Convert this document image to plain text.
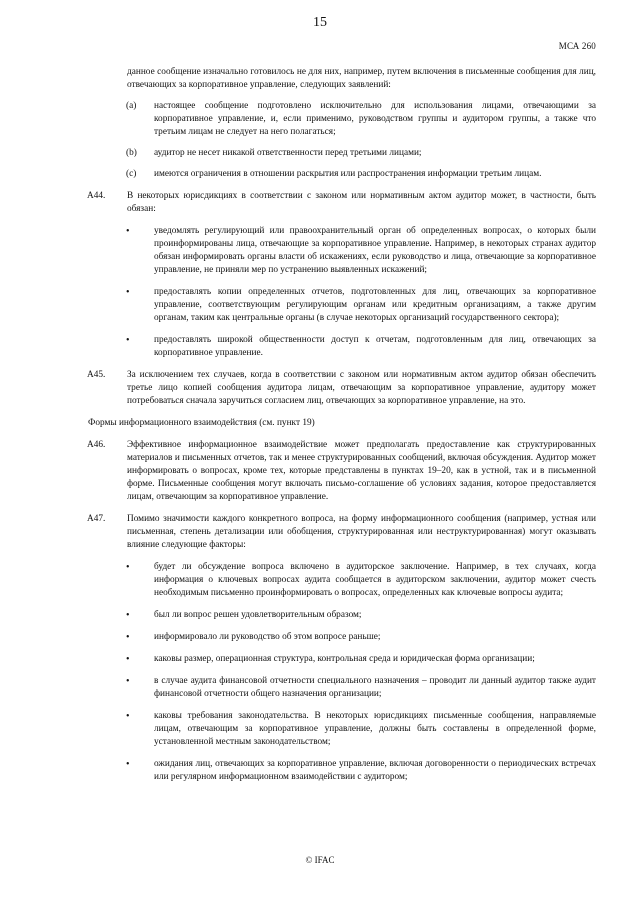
15
МСА 260

данное сообщение изначально готовилось не для них, например, путем включения в письменные сообщения для лиц, отвечающих за корпоративное управление, следующих заявлений:

(a) настоящее сообщение подготовлено исключительно для использования лицами, отвечающими за корпоративное управление, и, если применимо, руководством группы и аудитором группы, а также что третьим лицам не следует на него полагаться;

(b) аудитор не несет никакой ответственности перед третьими лицами;

(c) имеются ограничения в отношении раскрытия или распространения информации третьим лицам.

A44. В некоторых юрисдикциях в соответствии с законом или нормативным актом аудитор может, в частности, быть обязан:

•	уведомлять регулирующий или правоохранительный орган об определенных вопросах, о которых были проинформированы лица, отвечающие за корпоративное управление. Например, в некоторых странах аудитор обязан информировать органы власти об искажениях, если руководство и лица, отвечающие за корпоративное управление, не приняли мер по устранению выявленных искажений;

•	предоставлять копии определенных отчетов, подготовленных для лиц, отвечающих за корпоративное управление, соответствующим регулирующим органам или кредитным организациям, а также другим органам, таким как центральные органы (в случае некоторых организаций государственного сектора);

•	предоставлять широкой общественности доступ к отчетам, подготовленным для лиц, отвечающих за корпоративное управление.

A45. За исключением тех случаев, когда в соответствии с законом или нормативным актом аудитор обязан обеспечить третье лицо копией сообщения аудитора лицам, отвечающим за корпоративное управление, аудитору может потребоваться сначала заручиться согласием лиц, отвечающих за корпоративное управление, на это.

Формы информационного взаимодействия (см. пункт 19)
A46. Эффективное информационное взаимодействие может предполагать предоставление как структурированных материалов и письменных отчетов, так и менее структурированных сообщений, включая обсуждения. Аудитор может информировать о вопросах, кроме тех, которые представлены в пунктах 19–20, как в устной, так и в письменной форме. Письменные сообщения могут включать письмо-соглашение об условиях задания, которое предоставляется лицам, отвечающим за корпоративное управление.

A47. Помимо значимости каждого конкретного вопроса, на форму информационного сообщения (например, устная или письменная, степень детализации или обобщения, структурированная или неструктурированная) могут оказывать влияние следующие факторы:

•	будет ли обсуждение вопроса включено в аудиторское заключение. Например, в тех случаях, когда информация о ключевых вопросах аудита сообщается в аудиторском заключении, аудитор может счесть необходимым письменно проинформировать о вопросах, определенных как ключевые вопросы аудита;

•	был ли вопрос решен удовлетворительным образом;

•	информировало ли руководство об этом вопросе раньше;

•	каковы размер, операционная структура, контрольная среда и юридическая форма организации;

•	в случае аудита финансовой отчетности специального назначения – проводит ли данный аудитор также аудит финансовой отчетности общего назначения организации;

•	каковы требования законодательства. В некоторых юрисдикциях письменные сообщения, направляемые лицам, отвечающим за корпоративное управление, должны быть составлены в определенной форме, установленной местным законодательством;

•	ожидания лиц, отвечающих за корпоративное управление, включая договоренности о периодических встречах или регулярном информационном взаимодействии с аудитором;

© IFAC
